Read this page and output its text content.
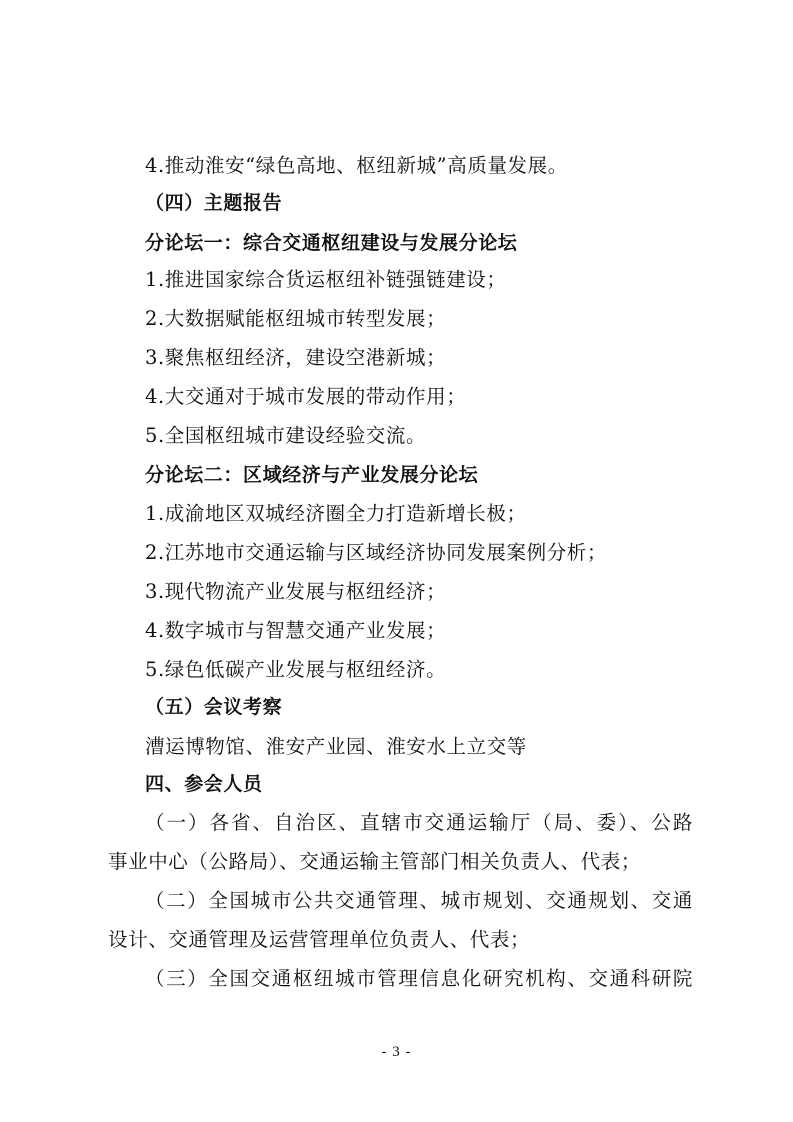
4.推动淮安“绿色高地、枢纽新城”高质量发展。
（四）主题报告
分论坛一：综合交通枢纽建设与发展分论坛
1.推进国家综合货运枢纽补链强链建设；
2.大数据赋能枢纽城市转型发展；
3.聚焦枢纽经济，建设空港新城；
4.大交通对于城市发展的带动作用；
5.全国枢纽城市建设经验交流。
分论坛二：区域经济与产业发展分论坛
1.成渝地区双城经济圈全力打造新增长极；
2.江苏地市交通运输与区域经济协同发展案例分析；
3.现代物流产业发展与枢纽经济；
4.数字城市与智慧交通产业发展；
5.绿色低碳产业发展与枢纽经济。
（五）会议考察
漕运博物馆、淮安产业园、淮安水上立交等
四、参会人员
（一）各省、自治区、直辖市交通运输厅（局、委）、公路
事业中心（公路局）、交通运输主管部门相关负责人、代表；
（二）全国城市公共交通管理、城市规划、交通规划、交通
设计、交通管理及运营管理单位负责人、代表；
（三）全国交通枢纽城市管理信息化研究机构、交通科研院
- 3 -
